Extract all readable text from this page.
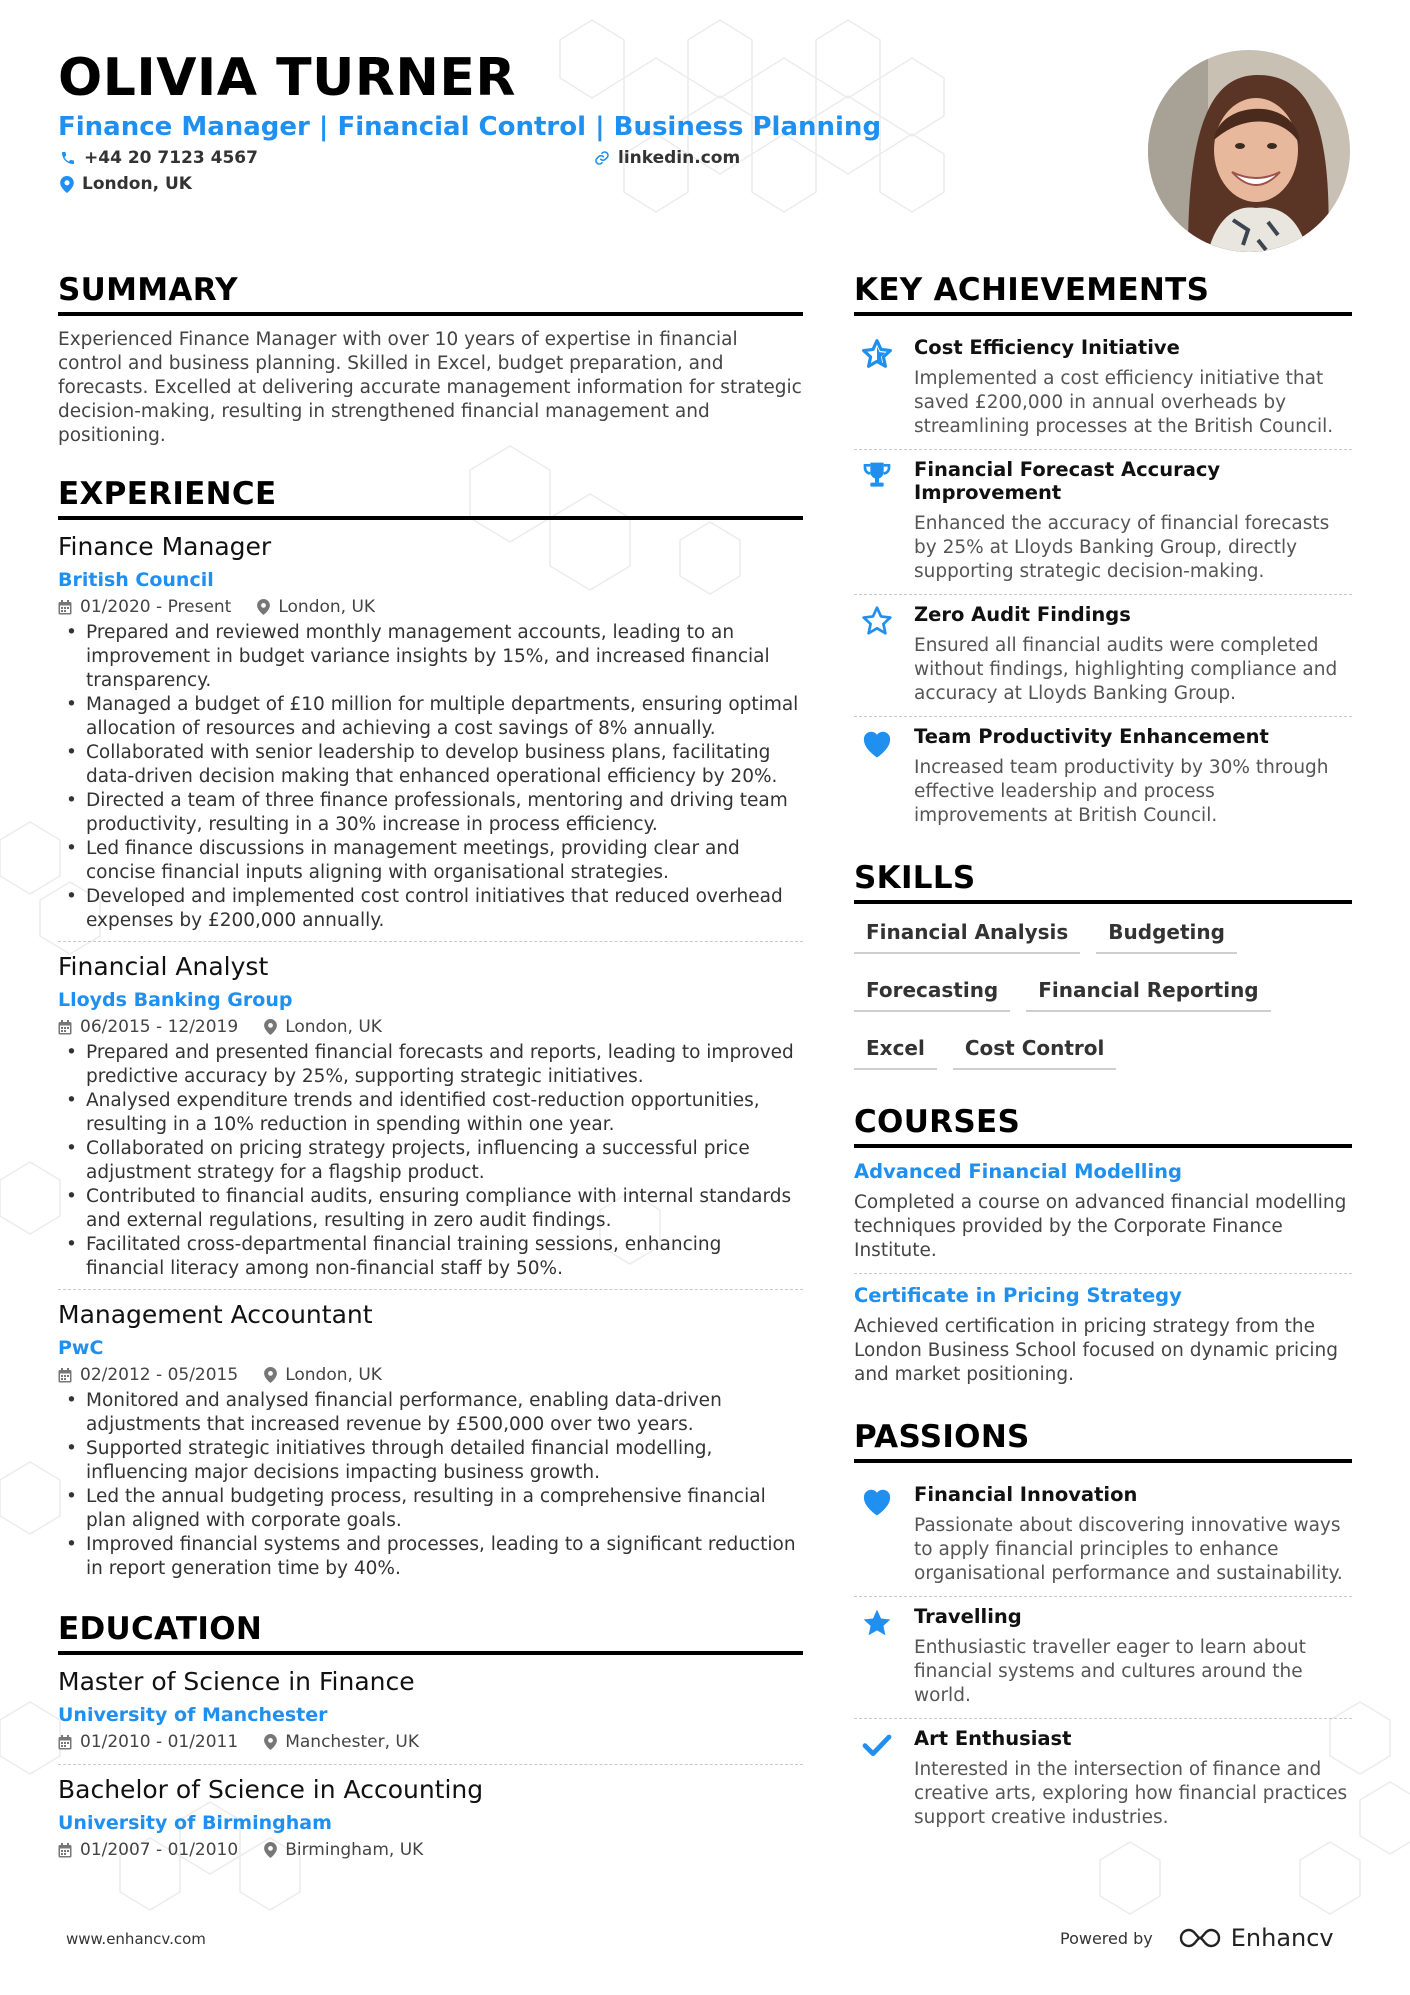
OLIVIA TURNER
Finance Manager | Financial Control | Business Planning
+44 20 7123 4567	linkedin.com
London, UK
SUMMARY
Experienced Finance Manager with over 10 years of expertise in financial control and business planning. Skilled in Excel, budget preparation, and forecasts. Excelled at delivering accurate management information for strategic decision-making, resulting in strengthened financial management and positioning.
EXPERIENCE
Finance Manager
British Council
01/2020 - Present	London, UK
• Prepared and reviewed monthly management accounts, leading to an improvement in budget variance insights by 15%, and increased financial transparency.
• Managed a budget of £10 million for multiple departments, ensuring optimal allocation of resources and achieving a cost savings of 8% annually.
• Collaborated with senior leadership to develop business plans, facilitating data-driven decision making that enhanced operational efficiency by 20%.
• Directed a team of three finance professionals, mentoring and driving team productivity, resulting in a 30% increase in process efficiency.
• Led finance discussions in management meetings, providing clear and concise financial inputs aligning with organisational strategies.
• Developed and implemented cost control initiatives that reduced overhead expenses by £200,000 annually.
Financial Analyst
Lloyds Banking Group
06/2015 - 12/2019	London, UK
• Prepared and presented financial forecasts and reports, leading to improved predictive accuracy by 25%, supporting strategic initiatives.
• Analysed expenditure trends and identified cost-reduction opportunities, resulting in a 10% reduction in spending within one year.
• Collaborated on pricing strategy projects, influencing a successful price adjustment strategy for a flagship product.
• Contributed to financial audits, ensuring compliance with internal standards and external regulations, resulting in zero audit findings.
• Facilitated cross-departmental financial training sessions, enhancing financial literacy among non-financial staff by 50%.
Management Accountant
PwC
02/2012 - 05/2015	London, UK
• Monitored and analysed financial performance, enabling data-driven adjustments that increased revenue by £500,000 over two years.
• Supported strategic initiatives through detailed financial modelling, influencing major decisions impacting business growth.
• Led the annual budgeting process, resulting in a comprehensive financial plan aligned with corporate goals.
• Improved financial systems and processes, leading to a significant reduction in report generation time by 40%.
EDUCATION
Master of Science in Finance
University of Manchester
01/2010 - 01/2011	Manchester, UK
Bachelor of Science in Accounting
University of Birmingham
01/2007 - 01/2010	Birmingham, UK
KEY ACHIEVEMENTS
Cost Efficiency Initiative
Implemented a cost efficiency initiative that saved £200,000 in annual overheads by streamlining processes at the British Council.
Financial Forecast Accuracy Improvement
Enhanced the accuracy of financial forecasts by 25% at Lloyds Banking Group, directly supporting strategic decision-making.
Zero Audit Findings
Ensured all financial audits were completed without findings, highlighting compliance and accuracy at Lloyds Banking Group.
Team Productivity Enhancement
Increased team productivity by 30% through effective leadership and process improvements at British Council.
SKILLS
Financial Analysis	Budgeting
Forecasting	Financial Reporting
Excel	Cost Control
COURSES
Advanced Financial Modelling
Completed a course on advanced financial modelling techniques provided by the Corporate Finance Institute.
Certificate in Pricing Strategy
Achieved certification in pricing strategy from the London Business School focused on dynamic pricing and market positioning.
PASSIONS
Financial Innovation
Passionate about discovering innovative ways to apply financial principles to enhance organisational performance and sustainability.
Travelling
Enthusiastic traveller eager to learn about financial systems and cultures around the world.
Art Enthusiast
Interested in the intersection of finance and creative arts, exploring how financial practices support creative industries.
www.enhancv.com	Powered by	Enhancv
